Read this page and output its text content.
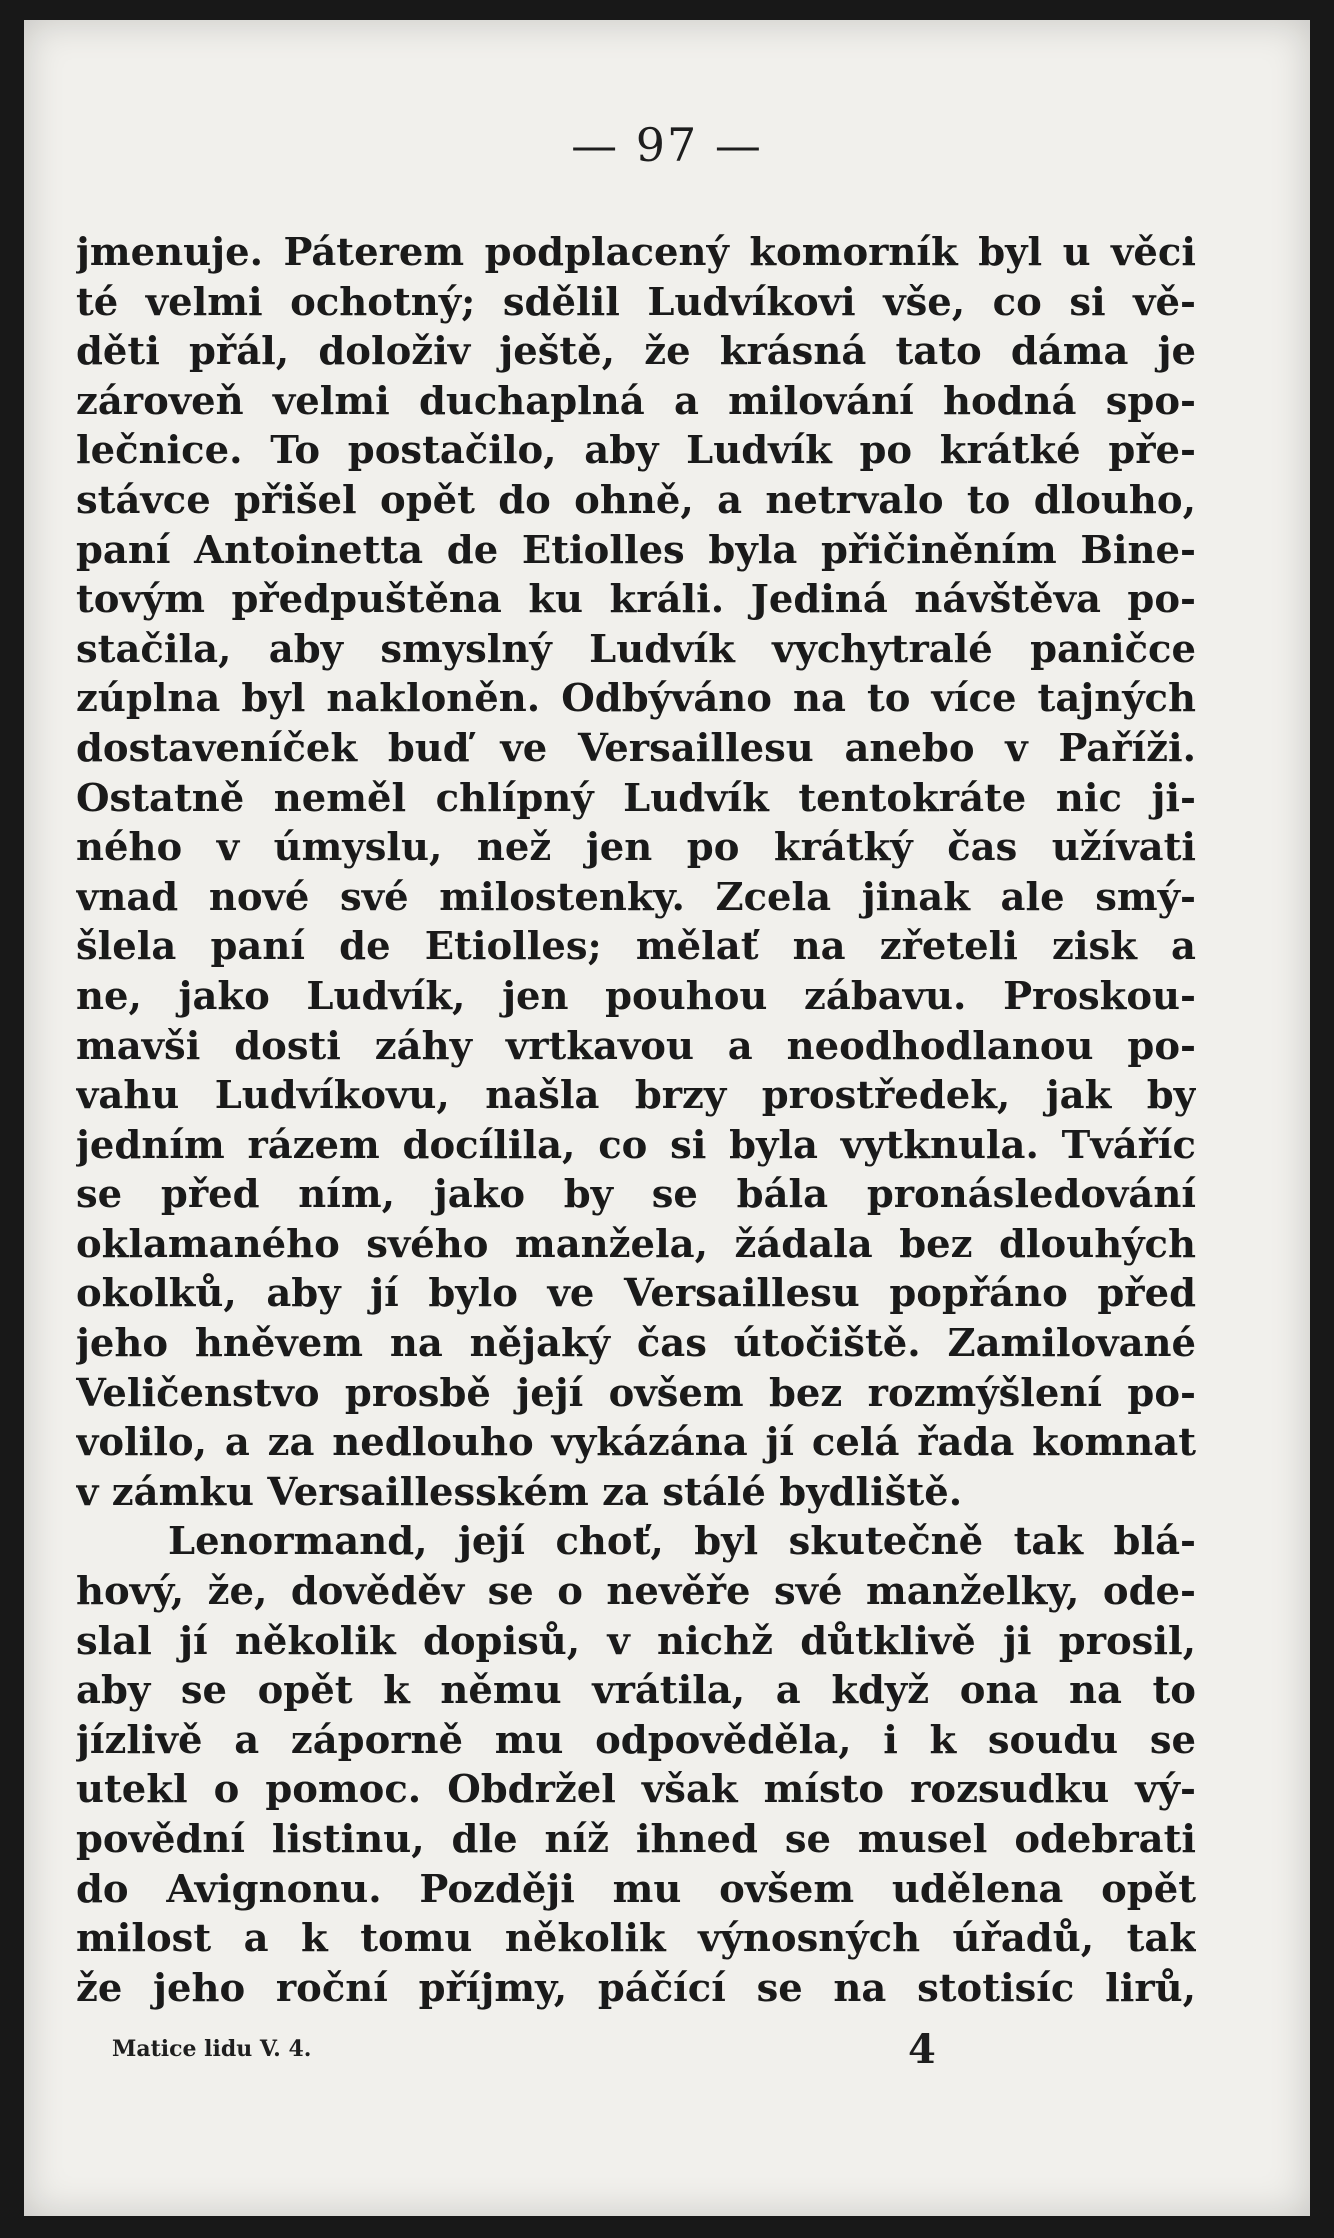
— 97 —
jmenuje. Páterem podplacený komorník byl u věci
té velmi ochotný; sdělil Ludvíkovi vše, co si vě-
děti přál, doloživ ještě, že krásná tato dáma je
zároveň velmi duchaplná a milování hodná spo-
lečnice. To postačilo, aby Ludvík po krátké pře-
stávce přišel opět do ohně, a netrvalo to dlouho,
paní Antoinetta de Etiolles byla přičiněním Bine-
tovým předpuštěna ku králi. Jediná návštěva po-
stačila, aby smyslný Ludvík vychytralé paničce
zúplna byl nakloněn. Odbýváno na to více tajných
dostaveníček buď ve Versaillesu anebo v Paříži.
Ostatně neměl chlípný Ludvík tentokráte nic ji-
ného v úmyslu, než jen po krátký čas užívati
vnad nové své milostenky. Zcela jinak ale smý-
šlela paní de Etiolles; mělať na zřeteli zisk a
ne, jako Ludvík, jen pouhou zábavu. Proskou-
mavši dosti záhy vrtkavou a neodhodlanou po-
vahu Ludvíkovu, našla brzy prostředek, jak by
jedním rázem docílila, co si byla vytknula. Tváříc
se před ním, jako by se bála pronásledování
oklamaného svého manžela, žádala bez dlouhých
okolků, aby jí bylo ve Versaillesu popřáno před
jeho hněvem na nějaký čas útočiště. Zamilované
Veličenstvo prosbě její ovšem bez rozmýšlení po-
volilo, a za nedlouho vykázána jí celá řada komnat
v zámku Versaillesském za stálé bydliště.
Lenormand, její choť, byl skutečně tak blá-
hový, že, dověděv se o nevěře své manželky, ode-
slal jí několik dopisů, v nichž důtklivě ji prosil,
aby se opět k němu vrátila, a když ona na to
jízlivě a záporně mu odpověděla, i k soudu se
utekl o pomoc. Obdržel však místo rozsudku vý-
povědní listinu, dle níž ihned se musel odebrati
do Avignonu. Později mu ovšem udělena opět
milost a k tomu několik výnosných úřadů, tak
že jeho roční příjmy, páčící se na stotisíc lirů,
Matice lidu V. 4.	4
